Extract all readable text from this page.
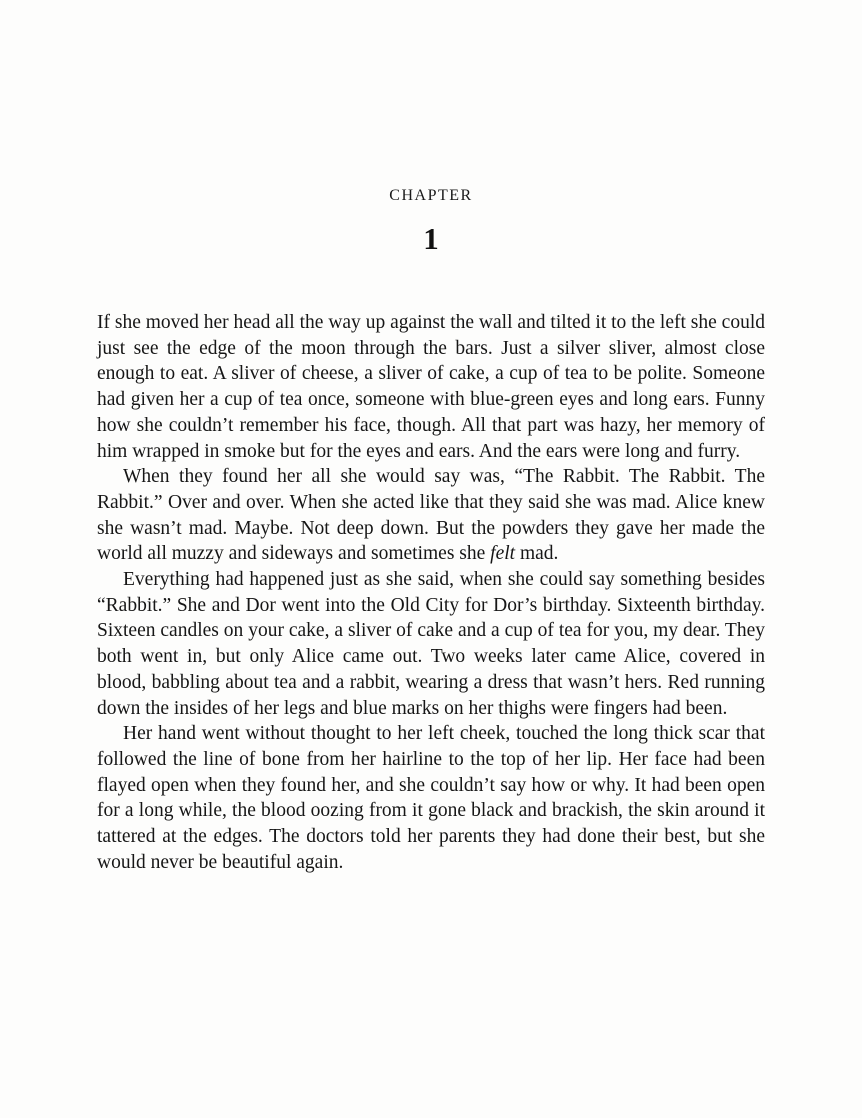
CHAPTER
1

If she moved her head all the way up against the wall and tilted it to the left she could just see the edge of the moon through the bars. Just a silver sliver, almost close enough to eat. A sliver of cheese, a sliver of cake, a cup of tea to be polite. Someone had given her a cup of tea once, someone with blue-green eyes and long ears. Funny how she couldn’t remember his face, though. All that part was hazy, her memory of him wrapped in smoke but for the eyes and ears. And the ears were long and furry.

When they found her all she would say was, “The Rabbit. The Rabbit. The Rabbit.” Over and over. When she acted like that they said she was mad. Alice knew she wasn’t mad. Maybe. Not deep down. But the powders they gave her made the world all muzzy and sideways and sometimes she felt mad.

Everything had happened just as she said, when she could say something besides “Rabbit.” She and Dor went into the Old City for Dor’s birthday. Sixteenth birthday. Sixteen candles on your cake, a sliver of cake and a cup of tea for you, my dear. They both went in, but only Alice came out. Two weeks later came Alice, covered in blood, babbling about tea and a rabbit, wearing a dress that wasn’t hers. Red running down the insides of her legs and blue marks on her thighs were fingers had been.

Her hand went without thought to her left cheek, touched the long thick scar that followed the line of bone from her hairline to the top of her lip. Her face had been flayed open when they found her, and she couldn’t say how or why. It had been open for a long while, the blood oozing from it gone black and brackish, the skin around it tattered at the edges. The doctors told her parents they had done their best, but she would never be beautiful again.
